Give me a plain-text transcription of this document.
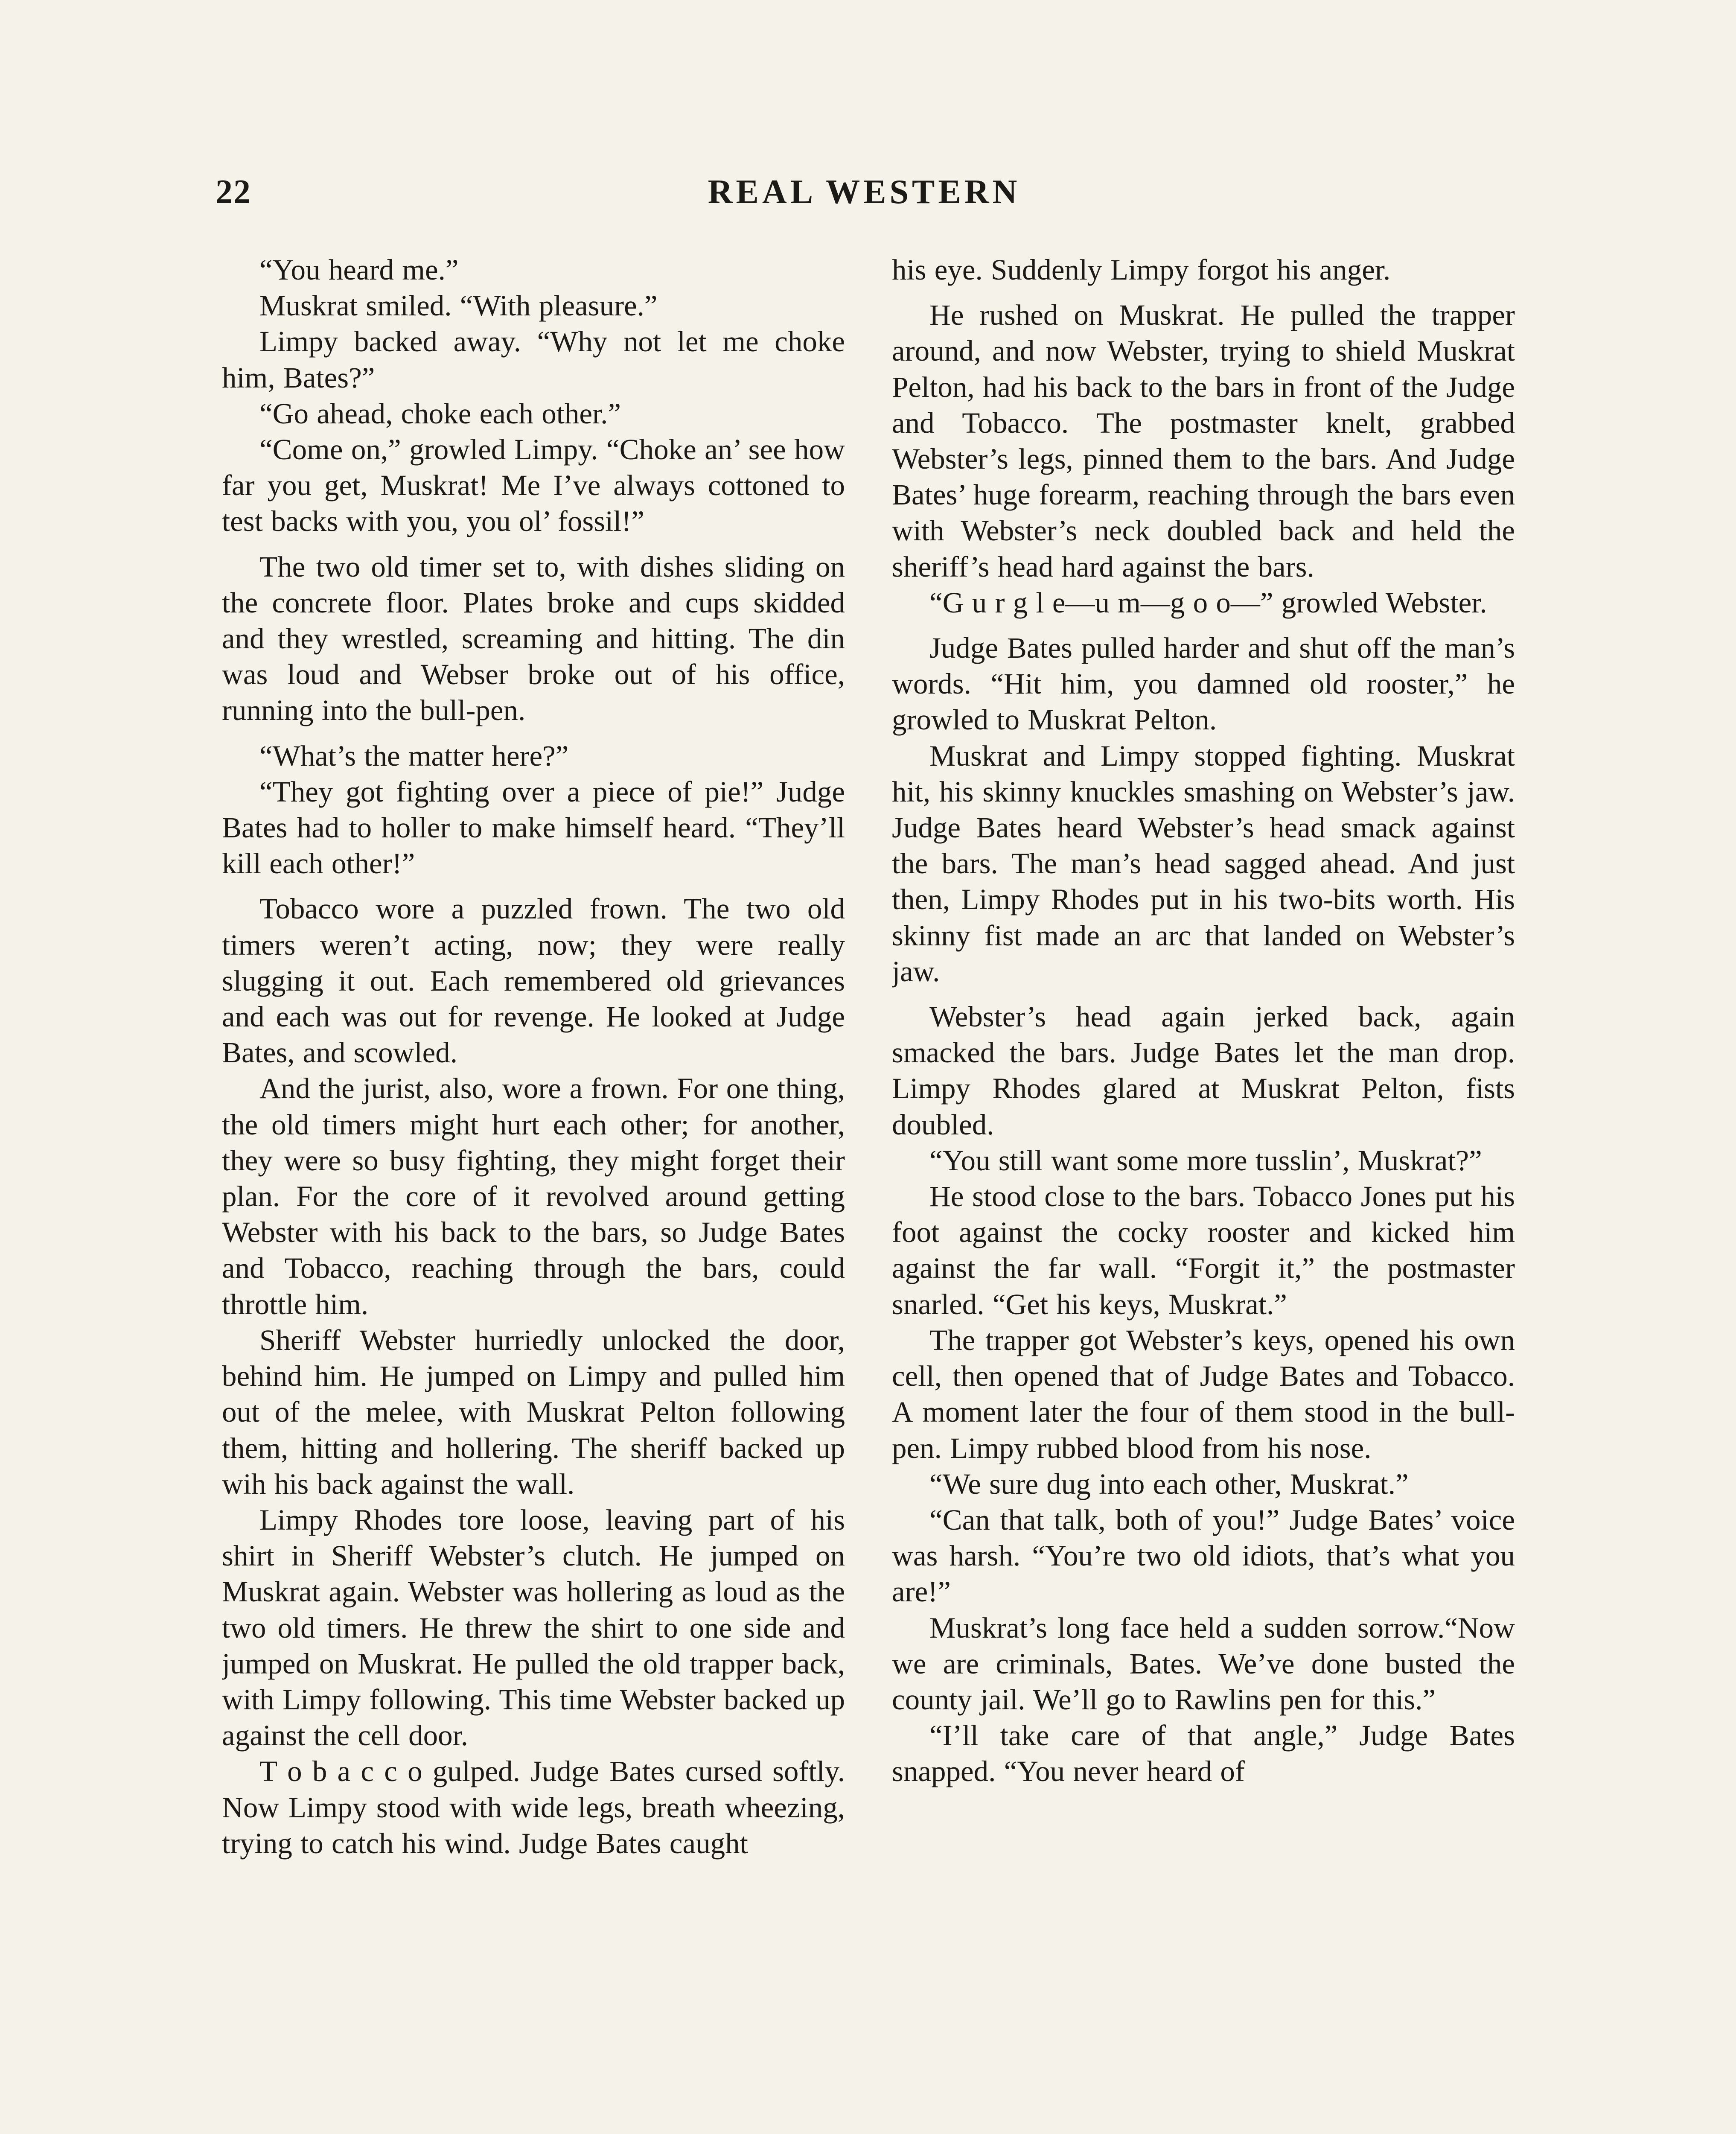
22	REAL WESTERN

“You heard me.”

Muskrat smiled. “With pleasure.”

Limpy backed away. “Why not let me choke him, Bates?”

“Go ahead, choke each other.”

“Come on,” growled Limpy. “Choke an’ see how far you get, Muskrat! Me I’ve always cottoned to test backs with you, you ol’ fossil!”

The two old timer set to, with dishes sliding on the concrete floor. Plates broke and cups skidded and they wrestled, screaming and hitting. The din was loud and Webser broke out of his office, running into the bull-pen.

“What’s the matter here?”

“They got fighting over a piece of pie!” Judge Bates had to holler to make himself heard. “They’ll kill each other!”

Tobacco wore a puzzled frown. The two old timers weren’t acting, now; they were really slugging it out. Each remembered old grievances and each was out for revenge. He looked at Judge Bates, and scowled.

And the jurist, also, wore a frown. For one thing, the old timers might hurt each other; for another, they were so busy fighting, they might forget their plan. For the core of it revolved around getting Webster with his back to the bars, so Judge Bates and Tobacco, reaching through the bars, could throttle him.

Sheriff Webster hurriedly unlocked the door, behind him. He jumped on Limpy and pulled him out of the melee, with Muskrat Pelton following them, hitting and hollering. The sheriff backed up wih his back against the wall.

Limpy Rhodes tore loose, leaving part of his shirt in Sheriff Webster’s clutch. He jumped on Muskrat again. Webster was hollering as loud as the two old timers. He threw the shirt to one side and jumped on Muskrat. He pulled the old trapper back, with Limpy following. This time Webster backed up against the cell door.

T o b a c c o gulped. Judge Bates cursed softly. Now Limpy stood with wide legs, breath wheezing, trying to catch his wind. Judge Bates caught

his eye. Suddenly Limpy forgot his anger.

He rushed on Muskrat. He pulled the trapper around, and now Webster, trying to shield Muskrat Pelton, had his back to the bars in front of the Judge and Tobacco. The postmaster knelt, grabbed Webster’s legs, pinned them to the bars. And Judge Bates’ huge forearm, reaching through the bars even with Webster’s neck doubled back and held the sheriff’s head hard against the bars.

“G u r g l e—u m—g o o—” growled Webster.

Judge Bates pulled harder and shut off the man’s words. “Hit him, you damned old rooster,” he growled to Muskrat Pelton.

Muskrat and Limpy stopped fighting. Muskrat hit, his skinny knuckles smashing on Webster’s jaw. Judge Bates heard Webster’s head smack against the bars. The man’s head sagged ahead. And just then, Limpy Rhodes put in his two-bits worth. His skinny fist made an arc that landed on Webster’s jaw.

Webster’s head again jerked back, again smacked the bars. Judge Bates let the man drop. Limpy Rhodes glared at Muskrat Pelton, fists doubled.

“You still want some more tusslin’, Muskrat?”

He stood close to the bars. Tobacco Jones put his foot against the cocky rooster and kicked him against the far wall. “Forgit it,” the postmaster snarled. “Get his keys, Muskrat.”

The trapper got Webster’s keys, opened his own cell, then opened that of Judge Bates and Tobacco. A moment later the four of them stood in the bull-pen. Limpy rubbed blood from his nose.

“We sure dug into each other, Muskrat.”

“Can that talk, both of you!” Judge Bates’ voice was harsh. “You’re two old idiots, that’s what you are!”

Muskrat’s long face held a sudden sorrow.“Now we are criminals, Bates. We’ve done busted the county jail. We’ll go to Rawlins pen for this.”

“I’ll take care of that angle,” Judge Bates snapped. “You never heard of
